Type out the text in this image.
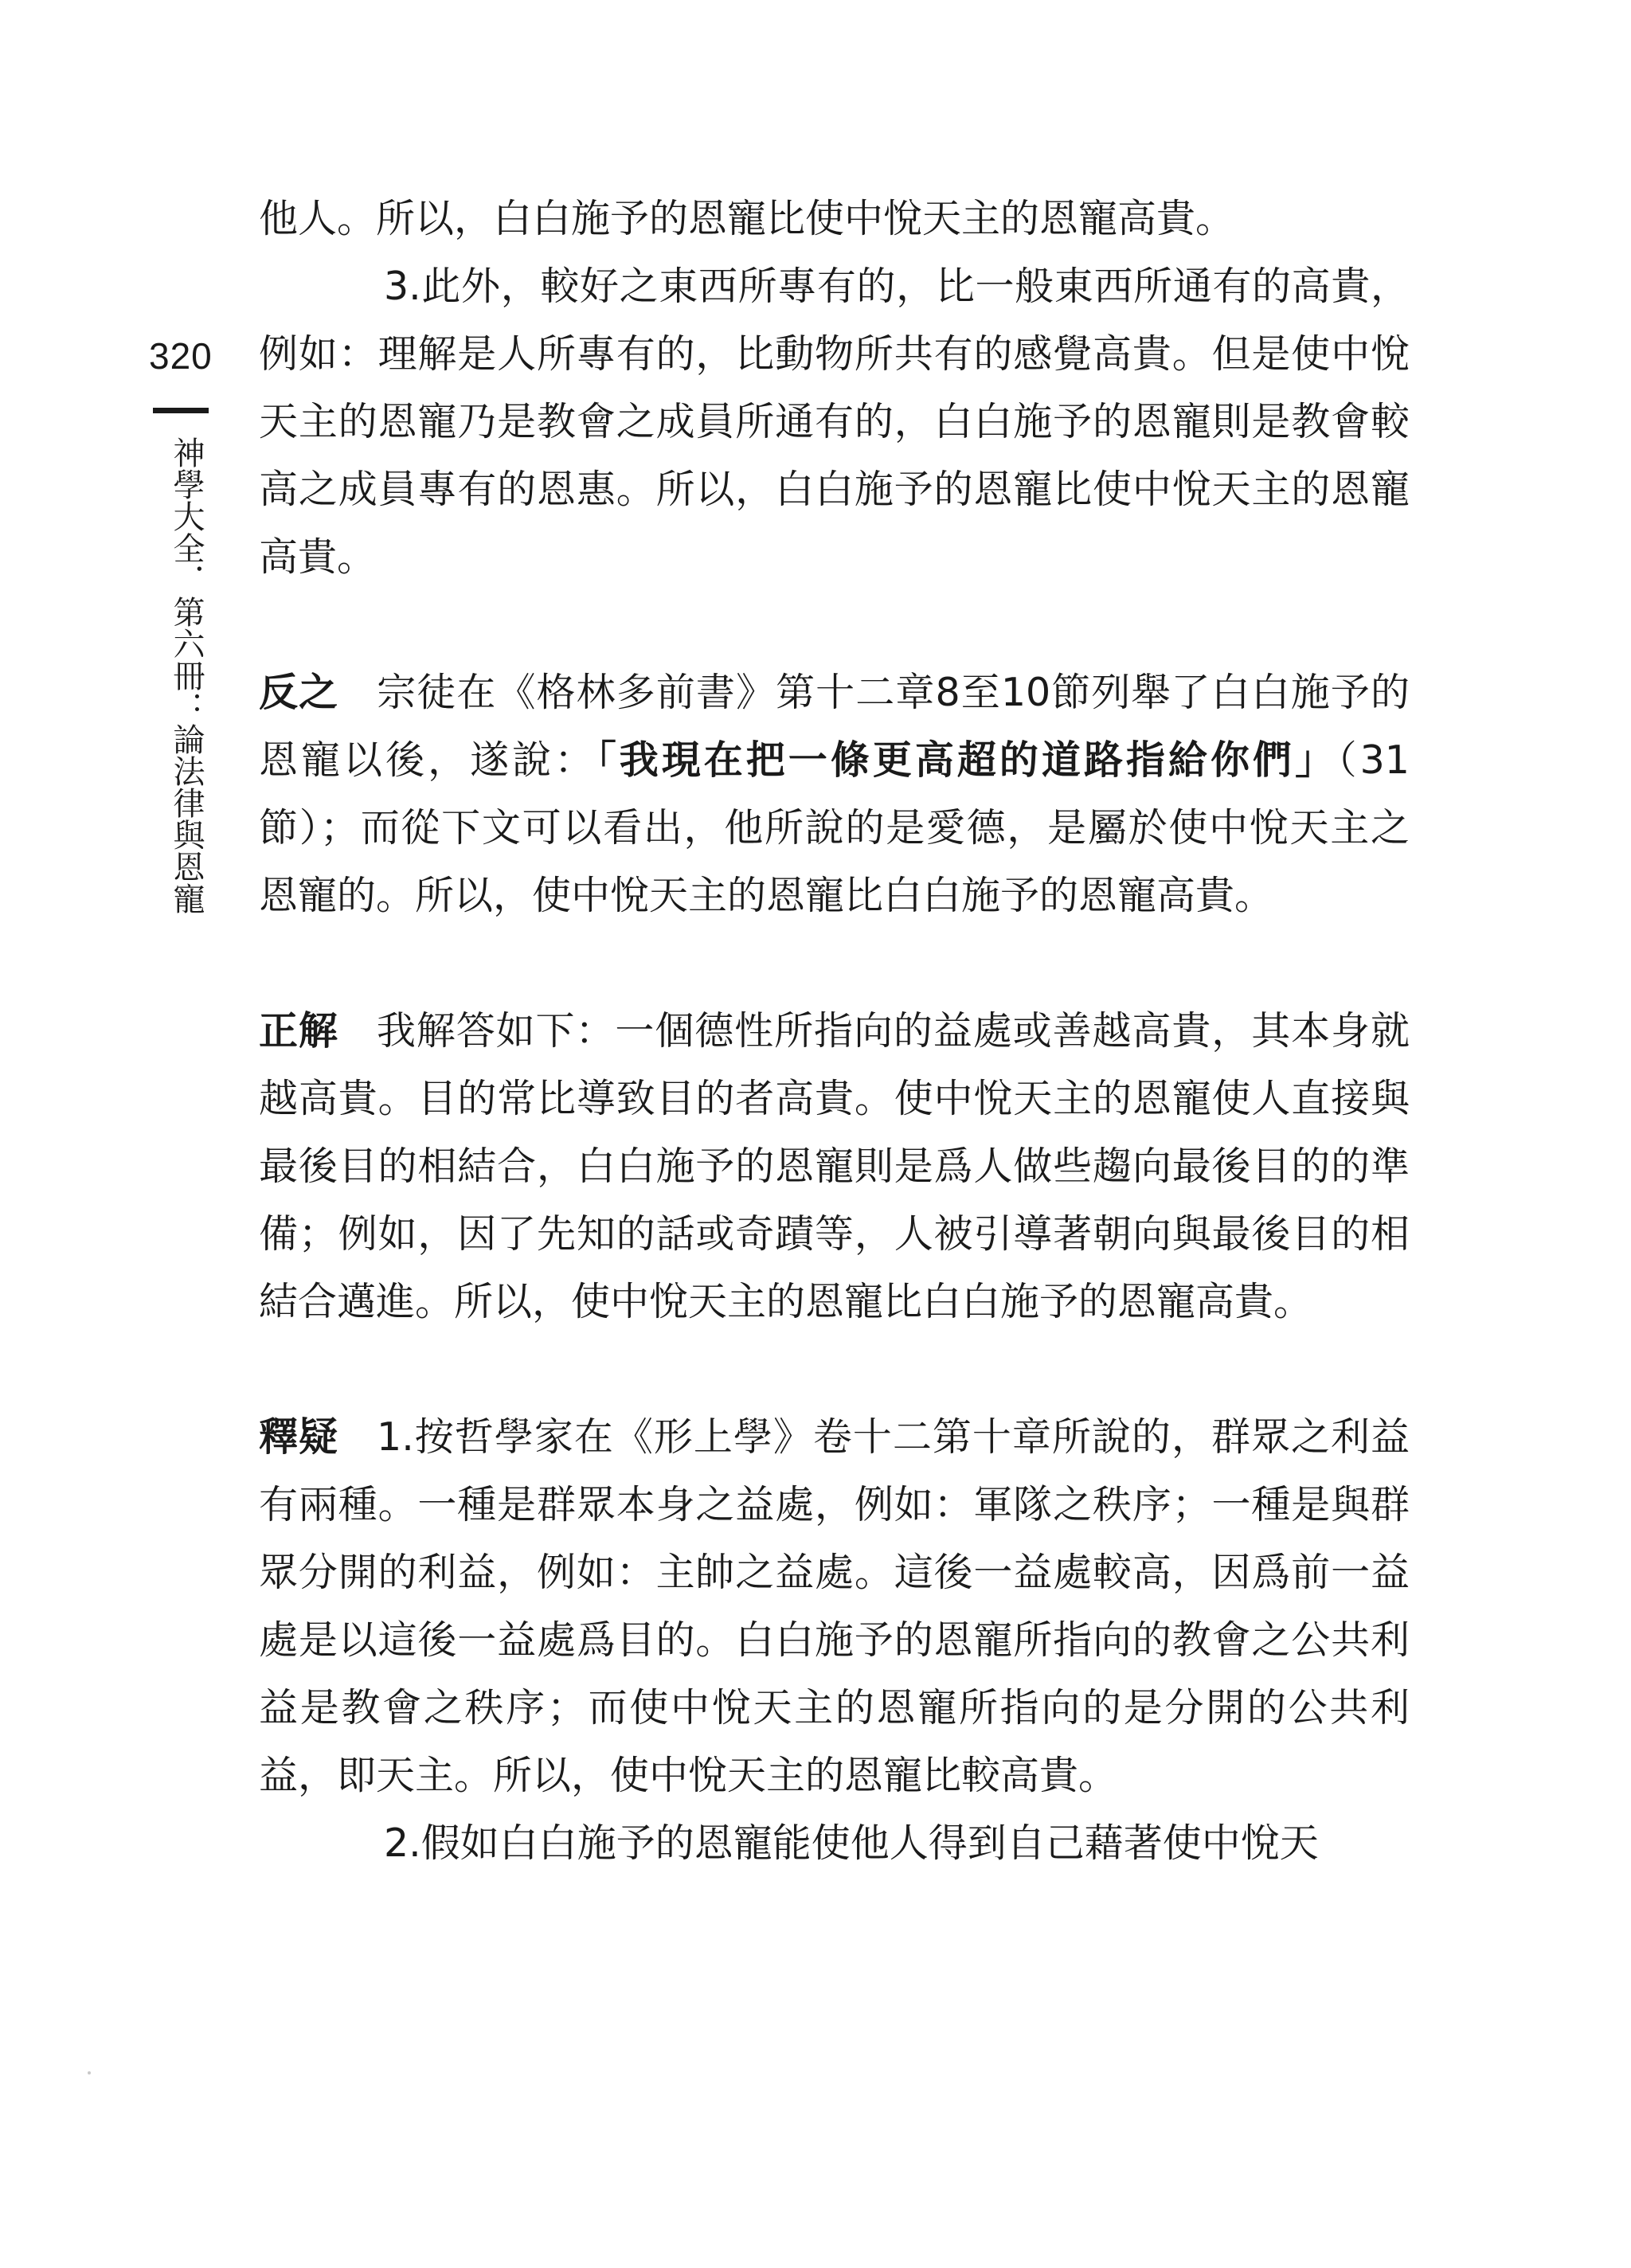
320
神學大全．第六冊：論法律與恩寵

他人。所以，白白施予的恩寵比使中悅天主的恩寵高貴。

3.此外，較好之東西所專有的，比一般東西所通有的高貴，例如：理解是人所專有的，比動物所共有的感覺高貴。但是使中悅天主的恩寵乃是教會之成員所通有的，白白施予的恩寵則是教會較高之成員專有的恩惠。所以，白白施予的恩寵比使中悅天主的恩寵高貴。

反之 宗徒在《格林多前書》第十二章8至10節列舉了白白施予的恩寵以後，遂說：「我現在把一條更高超的道路指給你們」（31節）；而從下文可以看出，他所說的是愛德，是屬於使中悅天主之恩寵的。所以，使中悅天主的恩寵比白白施予的恩寵高貴。

正解 我解答如下：一個德性所指向的益處或善越高貴，其本身就越高貴。目的常比導致目的者高貴。使中悅天主的恩寵使人直接與最後目的相結合，白白施予的恩寵則是爲人做些趨向最後目的的準備；例如，因了先知的話或奇蹟等，人被引導著朝向與最後目的相結合邁進。所以，使中悅天主的恩寵比白白施予的恩寵高貴。

釋疑 1.按哲學家在《形上學》卷十二第十章所說的，群眾之利益有兩種。一種是群眾本身之益處，例如：軍隊之秩序；一種是與群眾分開的利益，例如：主帥之益處。這後一益處較高，因爲前一益處是以這後一益處爲目的。白白施予的恩寵所指向的教會之公共利益是教會之秩序；而使中悅天主的恩寵所指向的是分開的公共利益，即天主。所以，使中悅天主的恩寵比較高貴。

2.假如白白施予的恩寵能使他人得到自己藉著使中悅天
